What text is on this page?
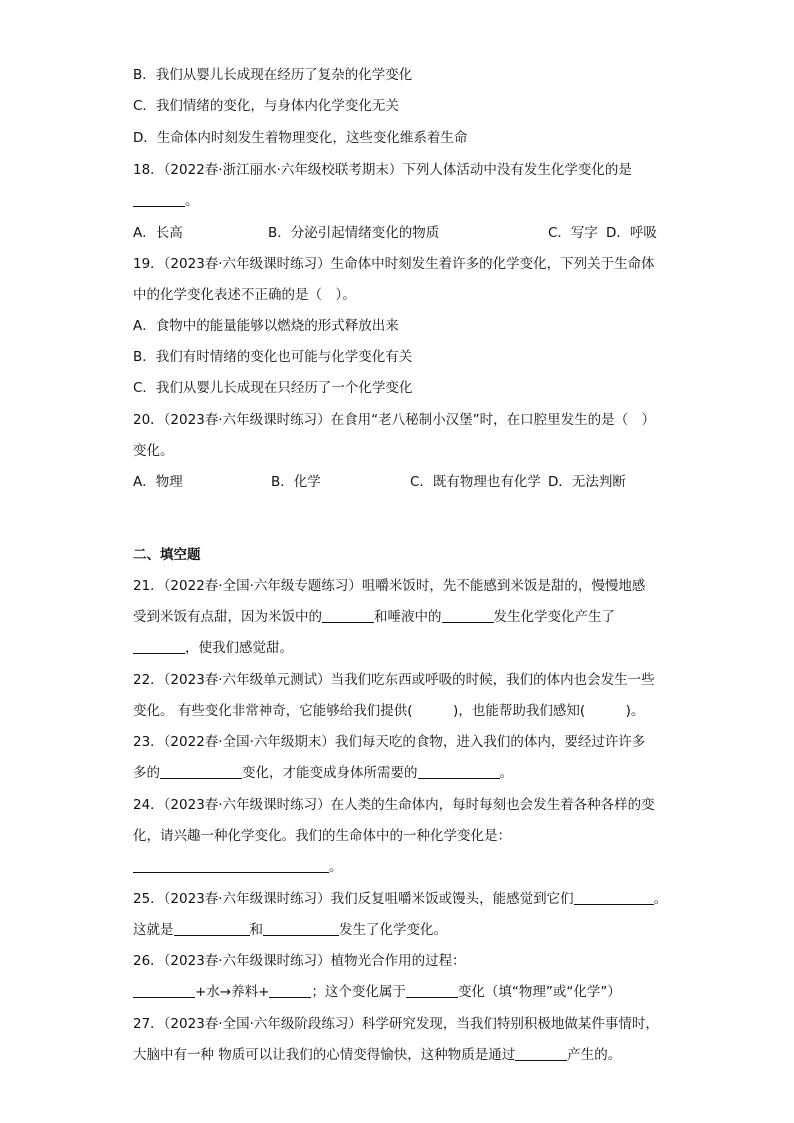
B．我们从婴儿长成现在经历了复杂的化学变化
C．我们情绪的变化，与身体内化学变化无关
D．生命体内时刻发生着物理变化，这些变化维系着生命
18．（2022春·浙江丽水·六年级校联考期末）下列人体活动中没有发生化学变化的是
。
A．长高	B．分泌引起情绪变化的物质	C．写字 D．呼吸
19．（2023春·六年级课时练习）生命体中时刻发生着许多的化学变化，下列关于生命体
中的化学变化表述不正确的是（　）。
A．食物中的能量能够以燃烧的形式释放出来
B．我们有时情绪的变化也可能与化学变化有关
C．我们从婴儿长成现在只经历了一个化学变化
20．（2023春·六年级课时练习）在食用“老八秘制小汉堡”时，在口腔里发生的是（　）
变化。
A．物理	B．化学	C．既有物理也有化学 D．无法判断
二、填空题
21．（2022春·全国·六年级专题练习）咀嚼米饭时，先不能感到米饭是甜的，慢慢地感
受到米饭有点甜，因为米饭中的	和唾液中的	发生化学变化产生了
，使我们感觉甜。
22．（2023春·六年级单元测试）当我们吃东西或呼吸的时候，我们的体内也会发生一些
变化。 有些变化非常神奇，它能够给我们提供(　　　)，也能帮助我们感知(　　　)。
23．（2022春·全国·六年级期末）我们每天吃的食物，进入我们的体内，要经过许许多
多的	变化，才能变成身体所需要的	。
24．（2023春·六年级课时练习）在人类的生命体内，每时每刻也会发生着各种各样的变
化，请兴趣一种化学变化。我们的生命体中的一种化学变化是：
。
25．（2023春·六年级课时练习）我们反复咀嚼米饭或馒头，能感觉到它们	。
这就是	和	发生了化学变化。
26．（2023春·六年级课时练习）植物光合作用的过程：
+水→养料+	；这个变化属于	变化（填“物理”或“化学”）
27．（2023春·全国·六年级阶段练习）科学研究发现，当我们特别积极地做某件事情时，
大脑中有一种 物质可以让我们的心情变得愉快，这种物质是通过	产生的。
